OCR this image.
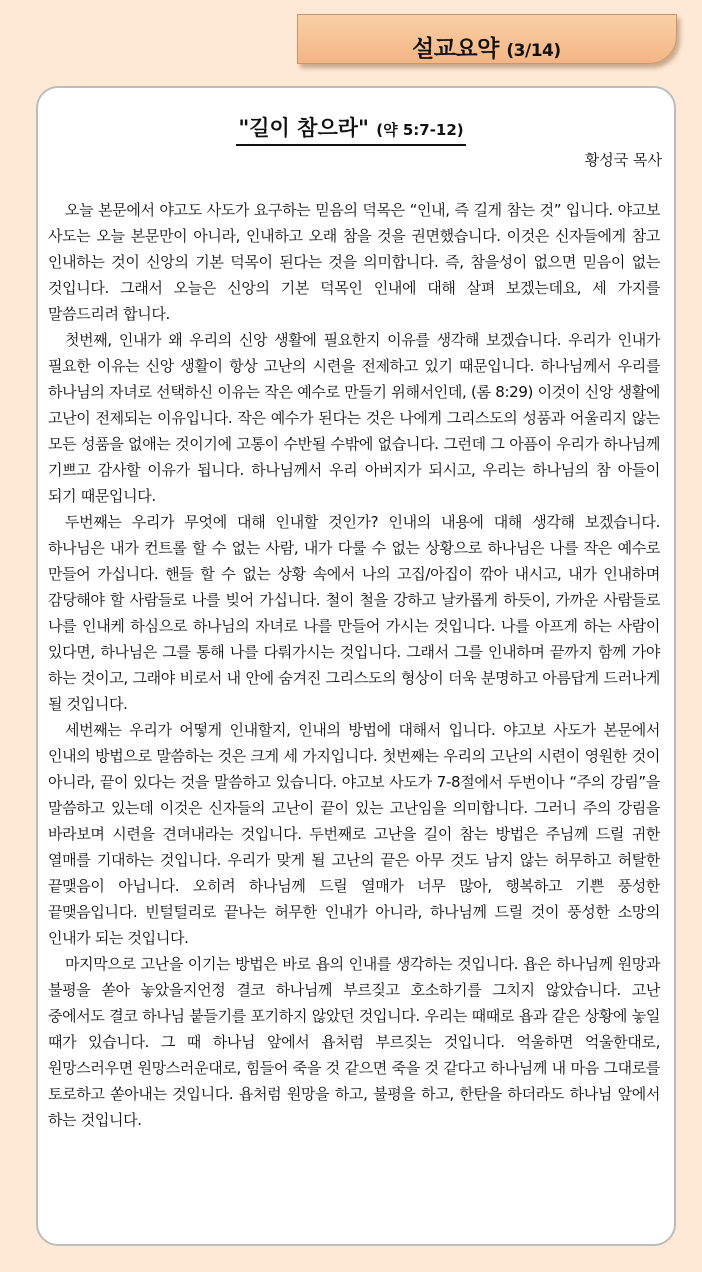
설교요약 (3/14)
"길이 참으라" (약 5:7-12)
황성국 목사

오늘 본문에서 야고도 사도가 요구하는 믿음의 덕목은 “인내, 즉 길게 참는 것” 입니다. 야고보 사도는 오늘 본문만이 아니라, 인내하고 오래 참을 것을 권면했습니다. 이것은 신자들에게 참고 인내하는 것이 신앙의 기본 덕목이 된다는 것을 의미합니다. 즉, 참을성이 없으면 믿음이 없는 것입니다. 그래서 오늘은 신앙의 기본 덕목인 인내에 대해 살펴 보겠는데요, 세 가지를 말씀드리려 합니다.

첫번째, 인내가 왜 우리의 신앙 생활에 필요한지 이유를 생각해 보겠습니다. 우리가 인내가 필요한 이유는 신앙 생활이 항상 고난의 시련을 전제하고 있기 때문입니다. 하나님께서 우리를 하나님의 자녀로 선택하신 이유는 작은 예수로 만들기 위해서인데, (롬 8:29) 이것이 신앙 생활에 고난이 전제되는 이유입니다. 작은 예수가 된다는 것은 나에게 그리스도의 성품과 어울리지 않는 모든 성품을 없애는 것이기에 고통이 수반될 수밖에 없습니다. 그런데 그 아픔이 우리가 하나님께 기쁘고 감사할 이유가 됩니다. 하나님께서 우리 아버지가 되시고, 우리는 하나님의 참 아들이 되기 때문입니다.

두번째는 우리가 무엇에 대해 인내할 것인가? 인내의 내용에 대해 생각해 보겠습니다. 하나님은 내가 컨트롤 할 수 없는 사람, 내가 다룰 수 없는 상황으로 하나님은 나를 작은 예수로 만들어 가십니다. 핸들 할 수 없는 상황 속에서 나의 고집/아집이 깎아 내시고, 내가 인내하며 감당해야 할 사람들로 나를 빚어 가십니다. 철이 철을 강하고 날카롭게 하듯이, 가까운 사람들로 나를 인내케 하심으로 하나님의 자녀로 나를 만들어 가시는 것입니다. 나를 아프게 하는 사람이 있다면, 하나님은 그를 통해 나를 다뤄가시는 것입니다. 그래서 그를 인내하며 끝까지 함께 가야 하는 것이고, 그래야 비로서 내 안에 숨겨진 그리스도의 형상이 더욱 분명하고 아름답게 드러나게 될 것입니다.

세번째는 우리가 어떻게 인내할지, 인내의 방법에 대해서 입니다. 야고보 사도가 본문에서 인내의 방법으로 말씀하는 것은 크게 세 가지입니다. 첫번째는 우리의 고난의 시련이 영원한 것이 아니라, 끝이 있다는 것을 말씀하고 있습니다. 야고보 사도가 7-8절에서 두번이나 “주의 강림”을 말씀하고 있는데 이것은 신자들의 고난이 끝이 있는 고난임을 의미합니다. 그러니 주의 강림을 바라보며 시련을 견뎌내라는 것입니다. 두번째로 고난을 길이 참는 방법은 주님께 드릴 귀한 열매를 기대하는 것입니다. 우리가 맞게 될 고난의 끝은 아무 것도 남지 않는 허무하고 허탈한 끝맺음이 아닙니다. 오히려 하나님께 드릴 열매가 너무 많아, 행복하고 기쁜 풍성한 끝맺음입니다. 빈털털리로 끝나는 허무한 인내가 아니라, 하나님께 드릴 것이 풍성한 소망의 인내가 되는 것입니다.

마지막으로 고난을 이기는 방법은 바로 욥의 인내를 생각하는 것입니다. 욥은 하나님께 원망과 불평을 쏟아 놓았을지언정 결코 하나님께 부르짖고 호소하기를 그치지 않았습니다. 고난 중에서도 결코 하나님 붙들기를 포기하지 않았던 것입니다. 우리는 때때로 욥과 같은 상황에 놓일 때가 있습니다. 그 때 하나님 앞에서 욥처럼 부르짖는 것입니다. 억울하면 억울한대로, 원망스러우면 원망스러운대로, 힘들어 죽을 것 같으면 죽을 것 같다고 하나님께 내 마음 그대로를 토로하고 쏟아내는 것입니다. 욥처럼 원망을 하고, 불평을 하고, 한탄을 하더라도 하나님 앞에서 하는 것입니다.
